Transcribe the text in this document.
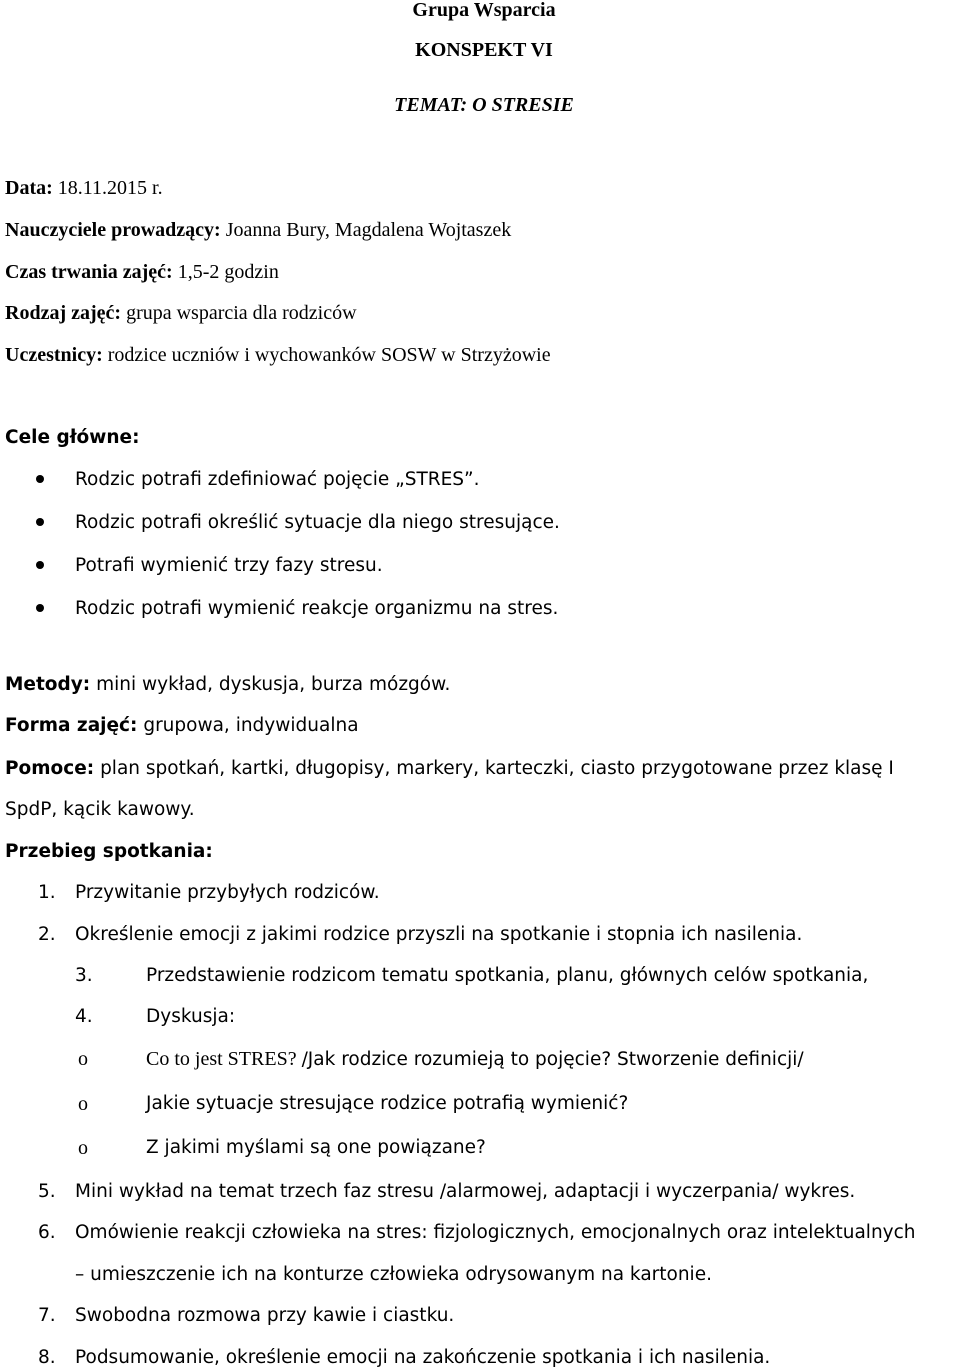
Grupa Wsparcia
KONSPEKT VI
TEMAT: O STRESIE
Data: 18.11.2015 r.
Nauczyciele prowadzący: Joanna Bury, Magdalena Wojtaszek
Czas trwania zajęć: 1,5-2 godzin
Rodzaj zajęć: grupa wsparcia dla rodziców
Uczestnicy: rodzice uczniów i wychowanków SOSW w Strzyżowie
Cele główne:
Rodzic potrafi zdefiniować pojęcie „STRES”.
Rodzic potrafi określić sytuacje dla niego stresujące.
Potrafi wymienić trzy fazy stresu.
Rodzic potrafi wymienić reakcje organizmu na stres.
Metody: mini wykład, dyskusja, burza mózgów.
Forma zajęć: grupowa, indywidualna
Pomoce: plan spotkań, kartki, długopisy, markery, karteczki, ciasto przygotowane przez klasę I
SpdP, kącik kawowy.
Przebieg spotkania:
1. Przywitanie przybyłych rodziców.
2. Określenie emocji z jakimi rodzice przyszli na spotkanie i stopnia ich nasilenia.
3.	Przedstawienie rodzicom tematu spotkania, planu, głównych celów spotkania,
4.	Dyskusja:
o	Co to jest STRES? /Jak rodzice rozumieją to pojęcie? Stworzenie definicji/
o	Jakie sytuacje stresujące rodzice potrafią wymienić?
o	Z jakimi myślami są one powiązane?
5. Mini wykład na temat trzech faz stresu /alarmowej, adaptacji i wyczerpania/ wykres.
6. Omówienie reakcji człowieka na stres: fizjologicznych, emocjonalnych oraz intelektualnych
– umieszczenie ich na konturze człowieka odrysowanym na kartonie.
7. Swobodna rozmowa przy kawie i ciastku.
8. Podsumowanie, określenie emocji na zakończenie spotkania i ich nasilenia.
